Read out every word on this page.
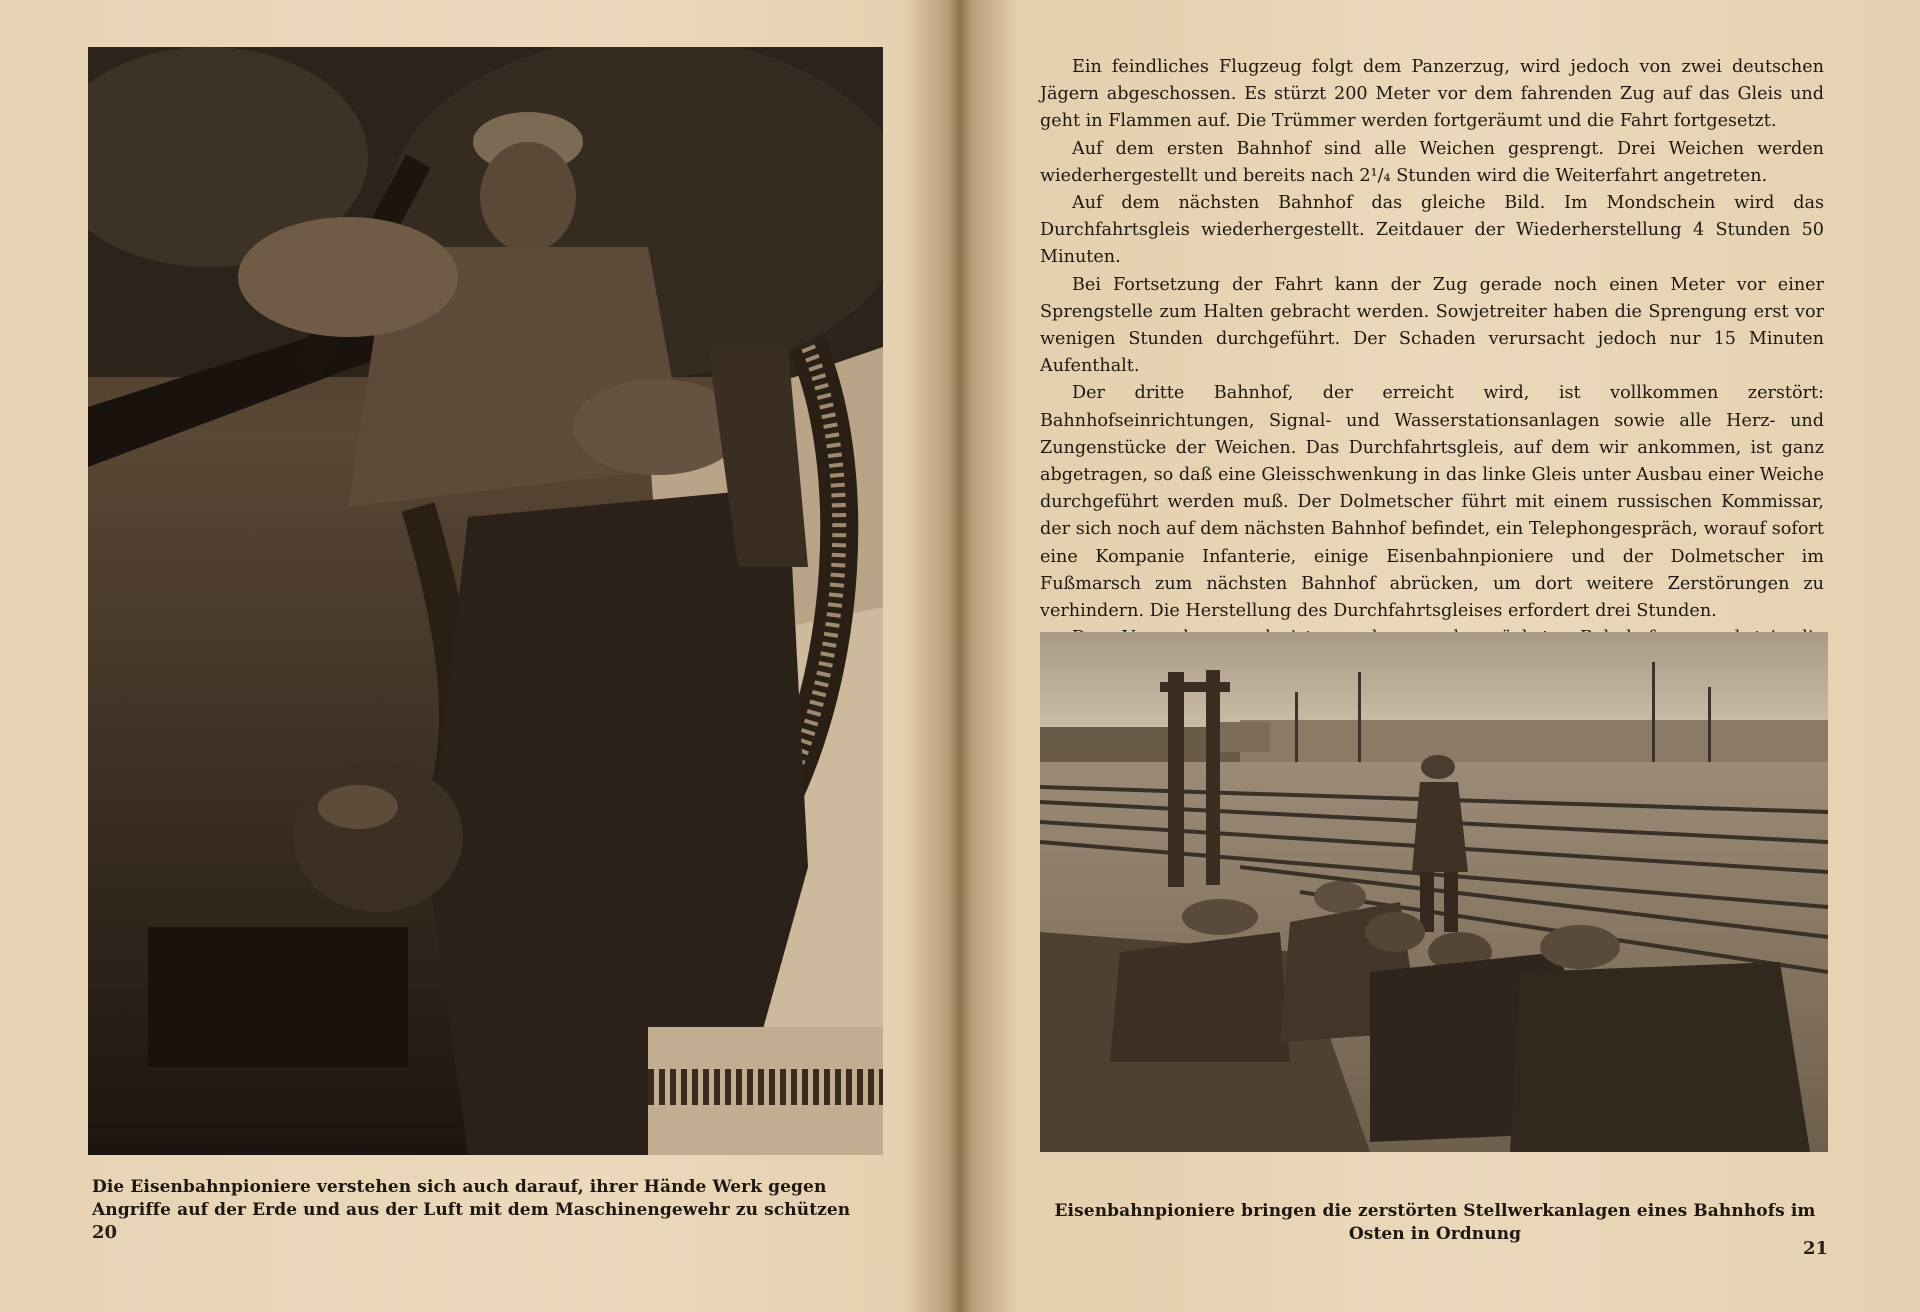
Die Eisenbahnpioniere verstehen sich auch darauf, ihrer Hände Werk gegen Angriffe auf der Erde und aus der Luft mit dem Maschinengewehr zu schützen
20

Ein feindliches Flugzeug folgt dem Panzerzug, wird jedoch von zwei deutschen Jägern abgeschossen. Es stürzt 200 Meter vor dem fahrenden Zug auf das Gleis und geht in Flammen auf. Die Trümmer werden fortgeräumt und die Fahrt fortgesetzt.

Auf dem ersten Bahnhof sind alle Weichen gesprengt. Drei Weichen werden wiederhergestellt und bereits nach 2¹/₄ Stunden wird die Weiterfahrt angetreten.

Auf dem nächsten Bahnhof das gleiche Bild. Im Mondschein wird das Durchfahrtsgleis wiederhergestellt. Zeitdauer der Wiederherstellung 4 Stunden 50 Minuten.

Bei Fortsetzung der Fahrt kann der Zug gerade noch einen Meter vor einer Sprengstelle zum Halten gebracht werden. Sowjetreiter haben die Sprengung erst vor wenigen Stunden durchgeführt. Der Schaden verursacht jedoch nur 15 Minuten Aufenthalt.

Der dritte Bahnhof, der erreicht wird, ist vollkommen zerstört: Bahnhofseinrichtungen, Signal- und Wasserstationsanlagen sowie alle Herz- und Zungenstücke der Weichen. Das Durchfahrtsgleis, auf dem wir ankommen, ist ganz abgetragen, so daß eine Gleisschwenkung in das linke Gleis unter Ausbau einer Weiche durchgeführt werden muß. Der Dolmetscher führt mit einem russischen Kommissar, der sich noch auf dem nächsten Bahnhof befindet, ein Telephongespräch, worauf sofort eine Kompanie Infanterie, einige Eisenbahnpioniere und der Dolmetscher im Fußmarsch zum nächsten Bahnhof abrücken, um dort weitere Zerstörungen zu verhindern. Die Herstellung des Durchfahrtsgleises erfordert drei Stunden.

Eisenbahnpioniere bringen die zerstörten Stellwerkanlagen eines Bahnhofs im Osten in Ordnung
21
